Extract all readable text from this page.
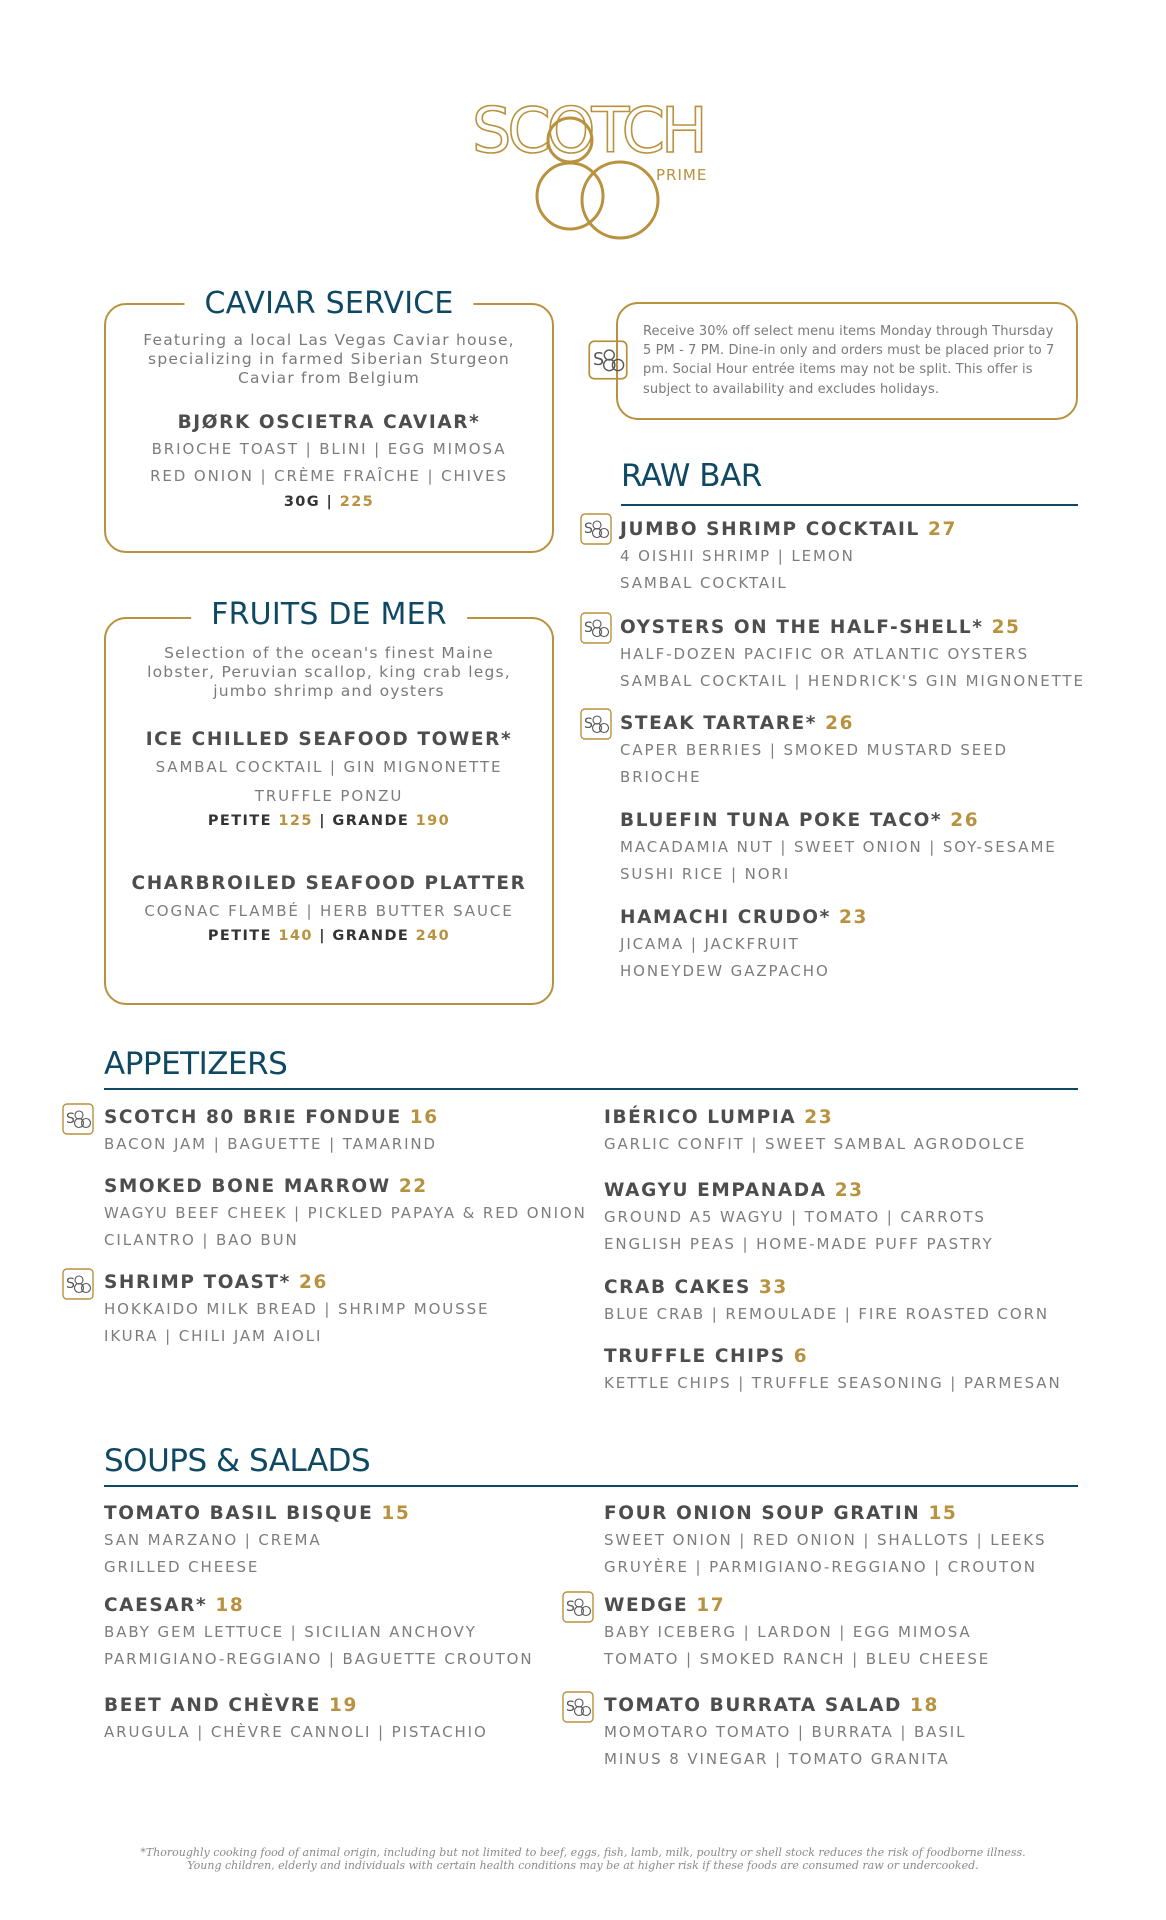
SCOTCH
PRIME
CAVIAR SERVICE
Featuring a local Las Vegas Caviar house,
specializing in farmed Siberian Sturgeon
Caviar from Belgium
BJØRK OSCIETRA CAVIAR*
BRIOCHE TOAST | BLINI | EGG MIMOSA
RED ONION | CRÈME FRAÎCHE | CHIVES
30G | 225
Receive 30% off select menu items Monday through Thursday 5 PM - 7 PM. Dine-in only and orders must be placed prior to 7 pm. Social Hour entrée items may not be split. This offer is subject to availability and excludes holidays.
RAW BAR
JUMBO SHRIMP COCKTAIL 27
4 OISHII SHRIMP | LEMON
SAMBAL COCKTAIL
OYSTERS ON THE HALF-SHELL* 25
HALF-DOZEN PACIFIC OR ATLANTIC OYSTERS
SAMBAL COCKTAIL | HENDRICK'S GIN MIGNONETTE
STEAK TARTARE* 26
CAPER BERRIES | SMOKED MUSTARD SEED
BRIOCHE
BLUEFIN TUNA POKE TACO* 26
MACADAMIA NUT | SWEET ONION | SOY-SESAME
SUSHI RICE | NORI
HAMACHI CRUDO* 23
JICAMA | JACKFRUIT
HONEYDEW GAZPACHO
FRUITS DE MER
Selection of the ocean's finest Maine
lobster, Peruvian scallop, king crab legs,
jumbo shrimp and oysters
ICE CHILLED SEAFOOD TOWER*
SAMBAL COCKTAIL | GIN MIGNONETTE
TRUFFLE PONZU
PETITE 125 | GRANDE 190
CHARBROILED SEAFOOD PLATTER
COGNAC FLAMBÉ | HERB BUTTER SAUCE
PETITE 140 | GRANDE 240
APPETIZERS
SCOTCH 80 BRIE FONDUE 16
BACON JAM | BAGUETTE | TAMARIND
SMOKED BONE MARROW 22
WAGYU BEEF CHEEK | PICKLED PAPAYA & RED ONION
CILANTRO | BAO BUN
SHRIMP TOAST* 26
HOKKAIDO MILK BREAD | SHRIMP MOUSSE
IKURA | CHILI JAM AIOLI
IBÉRICO LUMPIA 23
GARLIC CONFIT | SWEET SAMBAL AGRODOLCE
WAGYU EMPANADA 23
GROUND A5 WAGYU | TOMATO | CARROTS
ENGLISH PEAS | HOME-MADE PUFF PASTRY
CRAB CAKES 33
BLUE CRAB | REMOULADE | FIRE ROASTED CORN
TRUFFLE CHIPS 6
KETTLE CHIPS | TRUFFLE SEASONING | PARMESAN
SOUPS & SALADS
TOMATO BASIL BISQUE 15
SAN MARZANO | CREMA
GRILLED CHEESE
CAESAR* 18
BABY GEM LETTUCE | SICILIAN ANCHOVY
PARMIGIANO-REGGIANO | BAGUETTE CROUTON
BEET AND CHÈVRE 19
ARUGULA | CHÈVRE CANNOLI | PISTACHIO
FOUR ONION SOUP GRATIN 15
SWEET ONION | RED ONION | SHALLOTS | LEEKS
GRUYÈRE | PARMIGIANO-REGGIANO | CROUTON
WEDGE 17
BABY ICEBERG | LARDON | EGG MIMOSA
TOMATO | SMOKED RANCH | BLEU CHEESE
TOMATO BURRATA SALAD 18
MOMOTARO TOMATO | BURRATA | BASIL
MINUS 8 VINEGAR | TOMATO GRANITA
*Thoroughly cooking food of animal origin, including but not limited to beef, eggs, fish, lamb, milk, poultry or shell stock reduces the risk of foodborne illness.
Young children, elderly and individuals with certain health conditions may be at higher risk if these foods are consumed raw or undercooked.
